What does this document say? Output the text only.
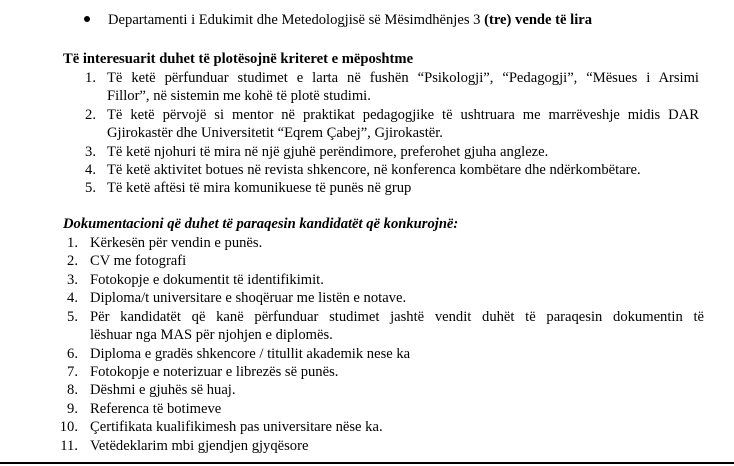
Departamenti i Edukimit dhe Metedologjisë së Mësimdhënjes 3 (tre) vende të lira
Të interesuarit duhet të plotësojnë kriteret e mëposhtme
1. Të ketë përfunduar studimet e larta në fushën “Psikologji”, “Pedagogji”, “Mësues i Arsimi
Fillor”, në sistemin me kohë të plotë studimi.
2. Të ketë përvojë si mentor në praktikat pedagogjike të ushtruara me marrëveshje midis DAR
Gjirokastër dhe Universitetit “Eqrem Çabej”, Gjirokastër.
3. Të ketë njohuri të mira në një gjuhë perëndimore, preferohet gjuha angleze.
4. Të ketë aktivitet botues në revista shkencore, në konferenca kombëtare dhe ndërkombëtare.
5. Të ketë aftësi të mira komunikuese të punës në grup
Dokumentacioni që duhet të paraqesin kandidatët që konkurojnë:
1. Kërkesën për vendin e punës.
2. CV me fotografi
3. Fotokopje e dokumentit të identifikimit.
4. Diploma/t universitare e shoqëruar me listën e notave.
5. Për kandidatët që kanë përfunduar studimet jashtë vendit duhët të paraqesin dokumentin të
lëshuar nga MAS për njohjen e diplomës.
6. Diploma e gradës shkencore / titullit akademik nese ka
7. Fotokopje e noterizuar e librezës së punës.
8. Dëshmi e gjuhës së huaj.
9. Referenca të botimeve
10. Çertifikata kualifikimesh pas universitare nëse ka.
11. Vetëdeklarim mbi gjendjen gjyqësore
